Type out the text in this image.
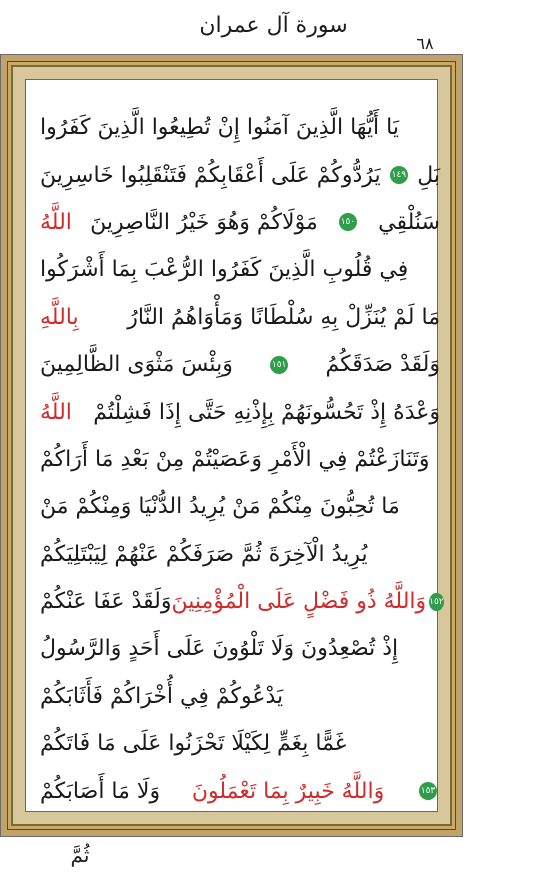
سورة آل عمران
٦٨
يَا أَيُّهَا الَّذِينَ آمَنُوا إِنْ تُطِيعُوا الَّذِينَ كَفَرُوا
يَرُدُّوكُمْ عَلَى أَعْقَابِكُمْ فَتَنْقَلِبُوا خَاسِرِينَ ١٤٩ بَلِ
اللَّهُ مَوْلَاكُمْ وَهُوَ خَيْرُ النَّاصِرِينَ	١٥٠ سَنُلْقِي
فِي قُلُوبِ الَّذِينَ كَفَرُوا الرُّعْبَ بِمَا أَشْرَكُوا
بِاللَّهِ مَا لَمْ يُنَزِّلْ بِهِ سُلْطَانًا وَمَأْوَاهُمُ النَّارُ
وَبِئْسَ مَثْوَى الظَّالِمِينَ	١٥١ وَلَقَدْ صَدَقَكُمُ
اللَّهُ وَعْدَهُ إِذْ تَحُسُّونَهُمْ بِإِذْنِهِ حَتَّى إِذَا فَشِلْتُمْ
وَتَنَازَعْتُمْ فِي الْأَمْرِ وَعَصَيْتُمْ مِنْ بَعْدِ مَا أَرَاكُمْ
مَا تُحِبُّونَ مِنْكُمْ مَنْ يُرِيدُ الدُّنْيَا وَمِنْكُمْ مَنْ
يُرِيدُ الْآخِرَةَ ثُمَّ صَرَفَكُمْ عَنْهُمْ لِيَبْتَلِيَكُمْ
وَلَقَدْ عَفَا عَنْكُمْ وَاللَّهُ ذُو فَضْلٍ عَلَى الْمُؤْمِنِينَ ١٥٢
إِذْ تُصْعِدُونَ وَلَا تَلْوُونَ عَلَى أَحَدٍ وَالرَّسُولُ
يَدْعُوكُمْ فِي أُخْرَاكُمْ فَأَثَابَكُمْ
غَمًّا بِغَمٍّ لِكَيْلَا تَحْزَنُوا عَلَى مَا فَاتَكُمْ
وَلَا مَا أَصَابَكُمْ وَاللَّهُ خَبِيرٌ بِمَا تَعْمَلُونَ	١٥٣
ثُمَّ
